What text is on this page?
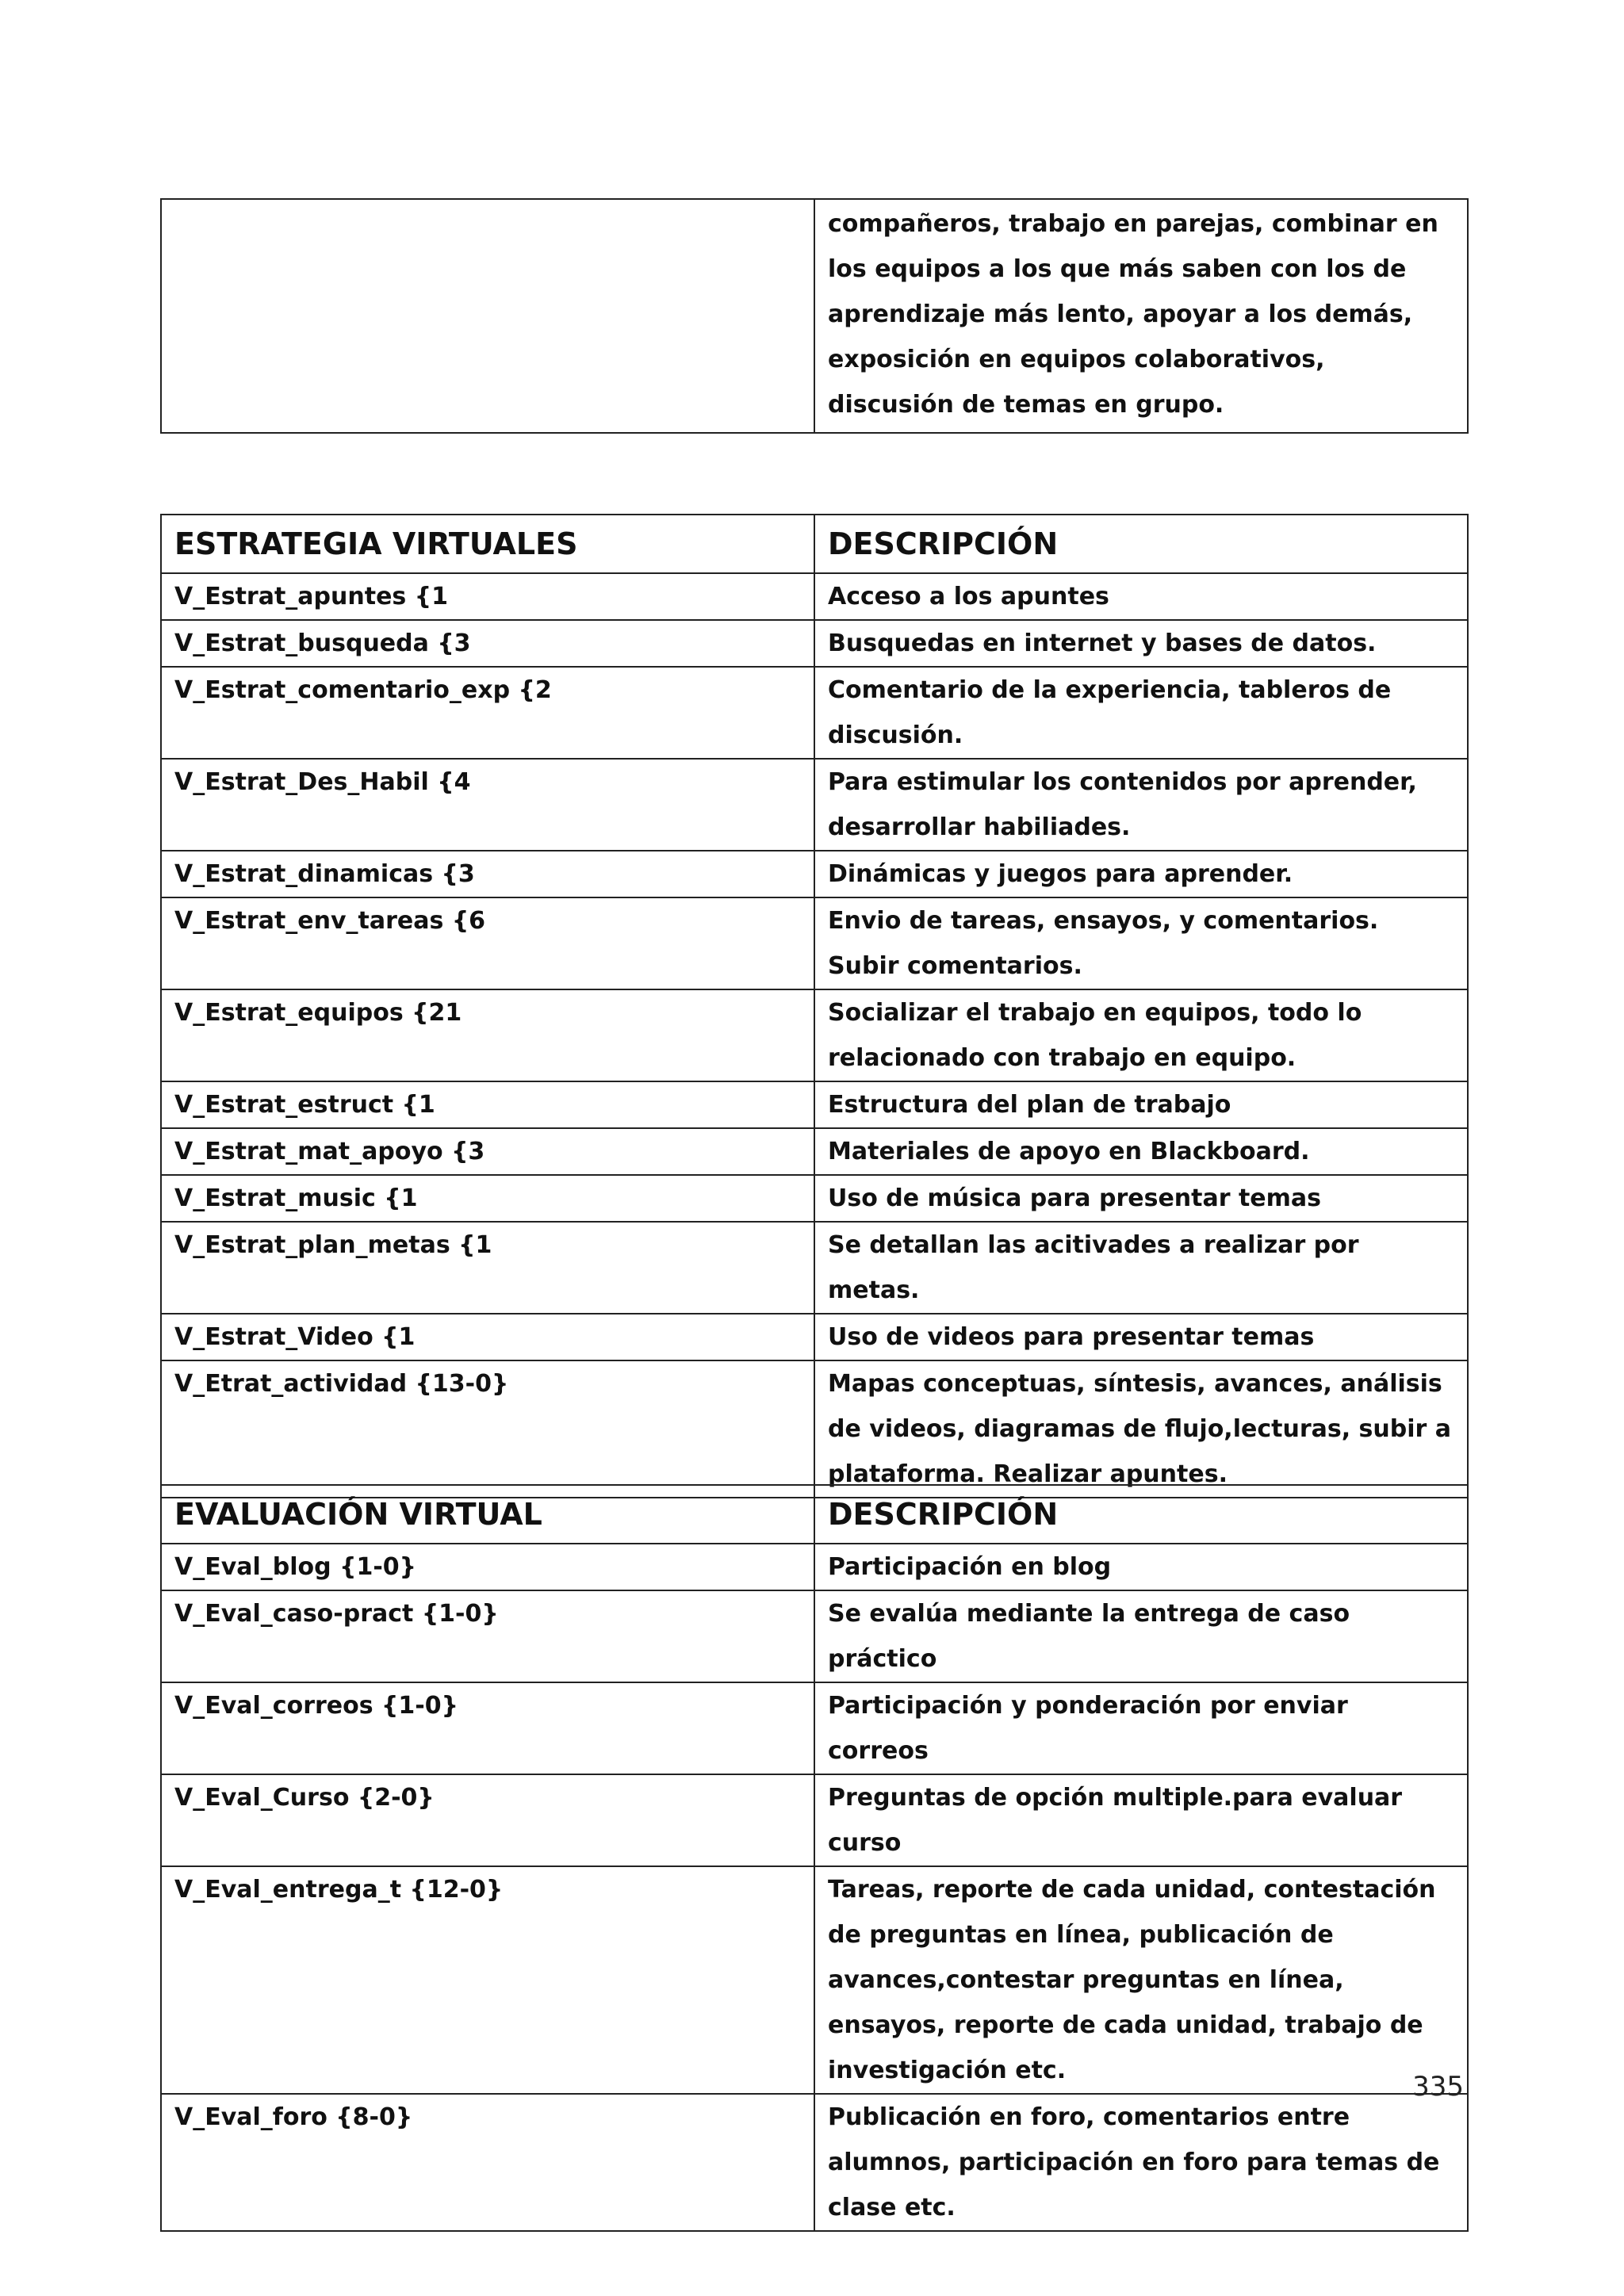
	compañeros, trabajo en parejas, combinar en los equipos a los que más saben con los de aprendizaje más lento, apoyar a los demás, exposición en equipos colaborativos, discusión de temas en grupo.
ESTRATEGIA VIRTUALES	DESCRIPCIÓN
V_Estrat_apuntes {1	Acceso a los apuntes
V_Estrat_busqueda {3	Busquedas en internet y bases de datos.
V_Estrat_comentario_exp {2	Comentario de la experiencia, tableros de discusión.
V_Estrat_Des_Habil {4	Para estimular los contenidos por aprender, desarrollar habiliades.
V_Estrat_dinamicas {3	Dinámicas y juegos para aprender.
V_Estrat_env_tareas {6	Envio de tareas, ensayos, y comentarios. Subir comentarios.
V_Estrat_equipos {21	Socializar el trabajo en equipos, todo lo relacionado con trabajo en equipo.
V_Estrat_estruct {1	Estructura del plan de trabajo
V_Estrat_mat_apoyo {3	Materiales de apoyo en Blackboard.
V_Estrat_music {1	Uso de música para presentar temas
V_Estrat_plan_metas {1	Se detallan las acitivades a realizar por metas.
V_Estrat_Video {1	Uso de videos para presentar temas
V_Etrat_actividad {13-0}	Mapas conceptuas, síntesis, avances, análisis de videos, diagramas de flujo,lecturas, subir a plataforma. Realizar apuntes.
EVALUACIÓN VIRTUAL	DESCRIPCIÓN
V_Eval_blog {1-0}	Participación en blog
V_Eval_caso-pract {1-0}	Se evalúa mediante la entrega de caso práctico
V_Eval_correos {1-0}	Participación y ponderación por enviar correos
V_Eval_Curso {2-0}	Preguntas de opción multiple.para evaluar curso
V_Eval_entrega_t {12-0}	Tareas, reporte de cada unidad, contestación de preguntas en línea, publicación de avances,contestar preguntas en línea, ensayos, reporte de cada unidad, trabajo de investigación etc.
V_Eval_foro {8-0}	Publicación en foro, comentarios entre alumnos, participación en foro para temas de clase etc.
335
